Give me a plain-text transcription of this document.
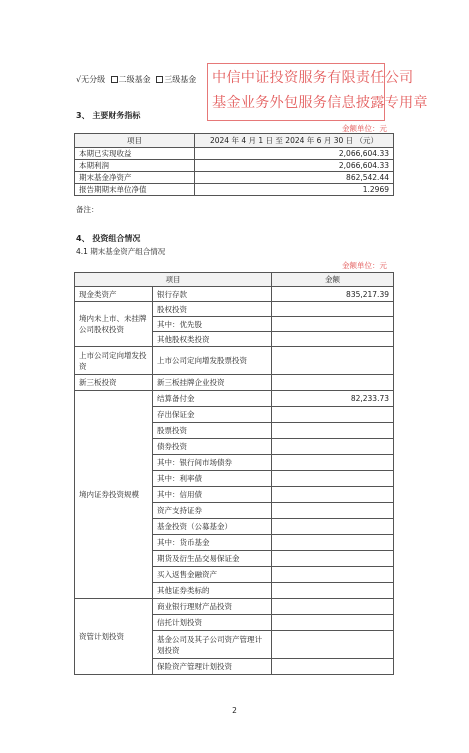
中信中证投资服务有限责任公司
基金业务外包服务信息披露专用章
√无分级 二级基金 三级基金
3、 主要财务指标
金额单位：元
项目	2024 年 4 月 1 日 至 2024 年 6 月 30 日 （元）
本期已实现收益	2,066,604.33
本期利润	2,066,604.33
期末基金净资产	862,542.44
报告期期末单位净值	1.2969
备注：
4、 投资组合情况
4.1 期末基金资产组合情况
金额单位：元
项目		金额
现金类资产	银行存款	835,217.39
境内未上市、未挂牌公司股权投资	股权投资	
	其中：优先股	
	其他股权类投资	
上市公司定向增发投资	上市公司定向增发股票投资	
新三板投资	新三板挂牌企业投资	
境内证券投资规模	结算备付金	82,233.73
	存出保证金	
	股票投资	
	债券投资	
	其中：银行间市场债券	
	其中：利率债	
	其中：信用债	
	资产支持证券	
	基金投资（公募基金）	
	其中：货币基金	
	期货及衍生品交易保证金	
	买入返售金融资产	
	其他证券类标的	
资管计划投资	商业银行理财产品投资	
	信托计划投资	
	基金公司及其子公司资产管理计划投资	
	保险资产管理计划投资	
2
